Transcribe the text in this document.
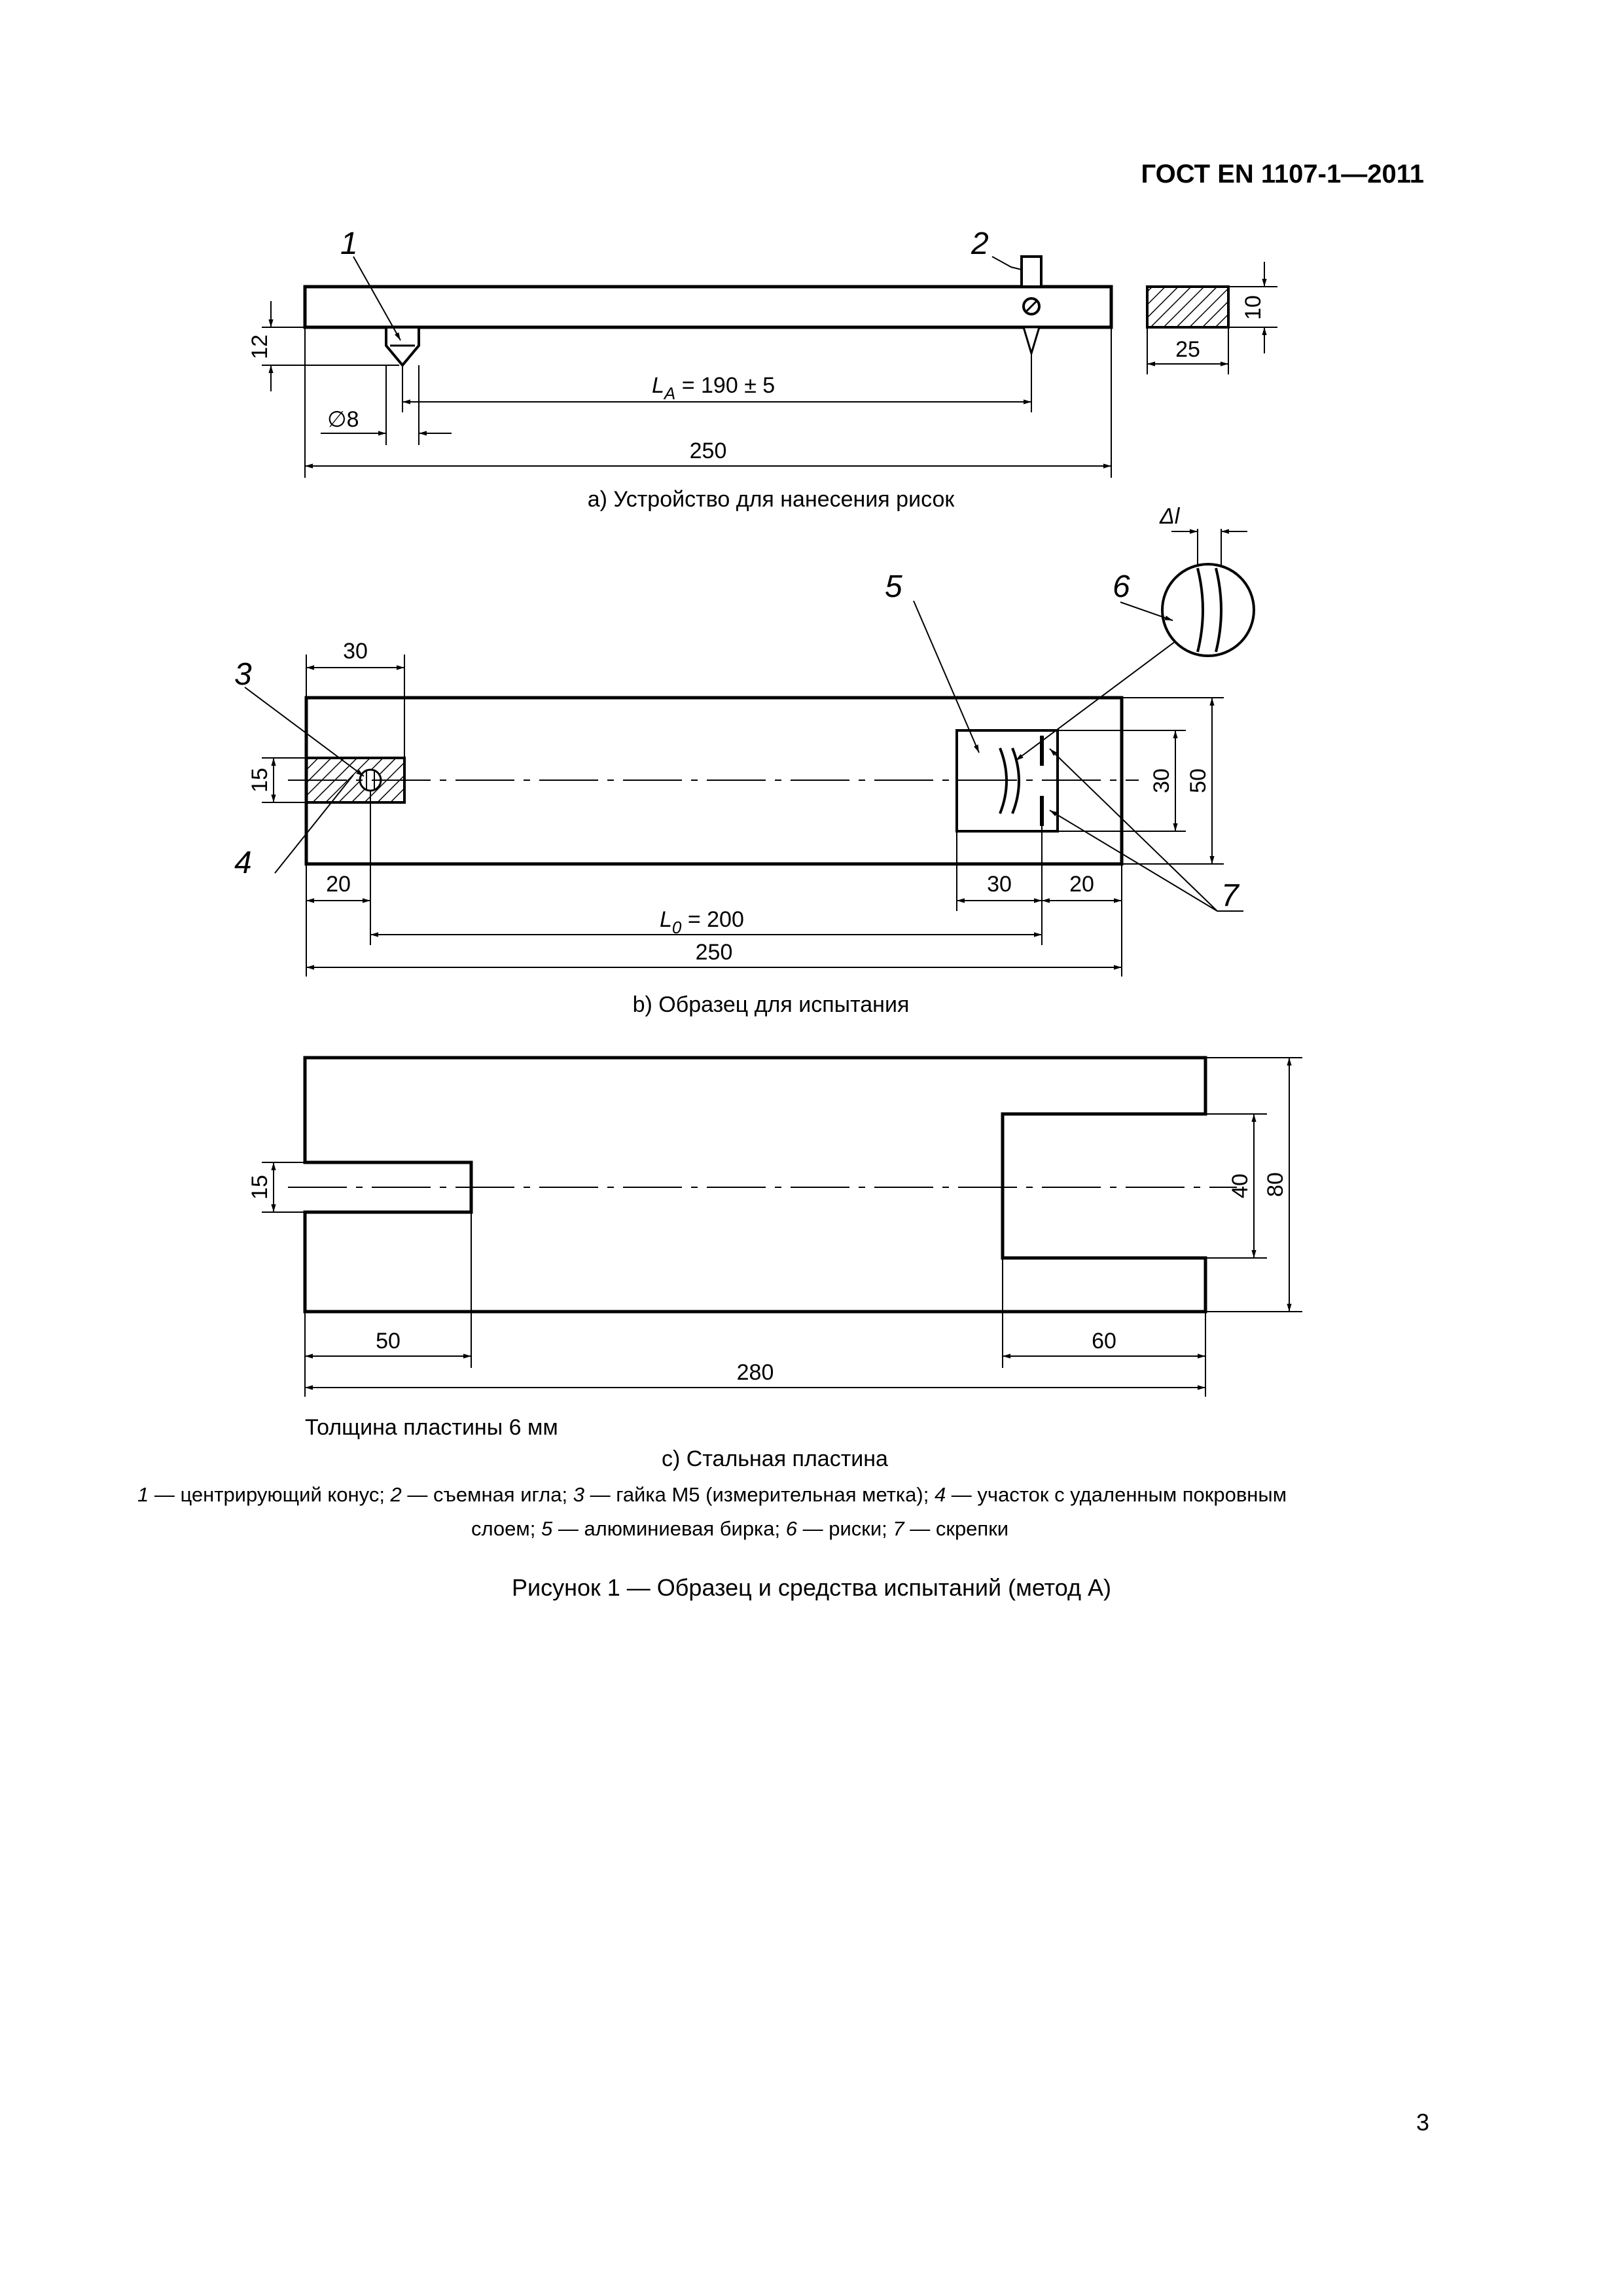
ГОСТ EN 1107-1—2011
1	2
12
∅8
$L_A = 190 \pm 5$
250
25
10
а) Устройство для нанесения рисок
3
4
5	6
7
Δl
30
15
20	30	20
$L_0 = 200$
250
30 50
b) Образец для испытания
15
50	60
280
40 80
Толщина пластины 6 мм
с) Стальная пластина
1 — центрирующий конус; 2 — съемная игла; 3 — гайка М5 (измерительная метка); 4 — участок с удаленным покровным
слоем; 5 — алюминиевая бирка; 6 — риски; 7 — скрепки
Рисунок 1 — Образец и средства испытаний (метод А)
3
